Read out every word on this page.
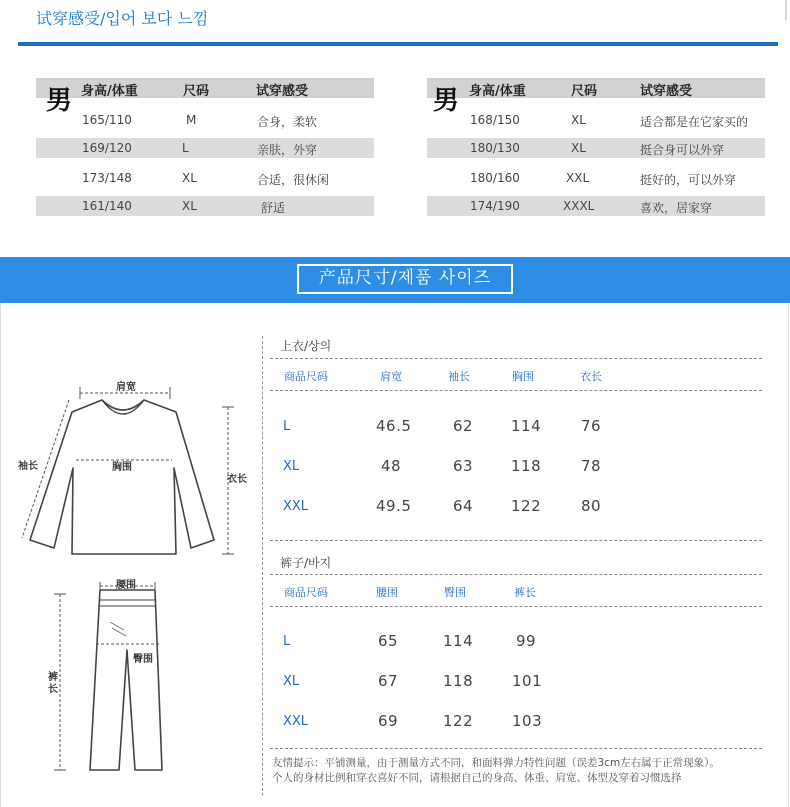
试穿感受/입어 보다 느낌
男 身高/体重	尺码	试穿感受
165/110	M	合身，柔软
169/120	L	亲肤，外穿
173/148	XL	合适，很休闲
161/140	XL	舒适
男 身高/体重	尺码	试穿感受
168/150	XL	适合都是在它家买的
180/130	XL	挺合身可以外穿
180/160	XXL	挺好的，可以外穿
174/190	XXXL	喜欢，居家穿
产品尺寸/제품 사이즈
肩宽
袖长	胸围
衣长
腰围
臀围
裤长
上衣/상의
商品尺码	肩宽	袖长	胸围	衣长
L	46.5	62	114	76
XL	48	63	118	78
XXL	49.5	64	122	80
裤子/바지
商品尺码	腰围	臀围	裤长
L	65	114	99
XL	67	118	101
XXL	69	122	103
友情提示：平铺测量，由于测量方式不同，和面料弹力特性问题（误差3cm左右属于正常现象）。
个人的身材比例和穿衣喜好不同，请根据自己的身高、体重、肩宽、体型及穿着习惯选择
